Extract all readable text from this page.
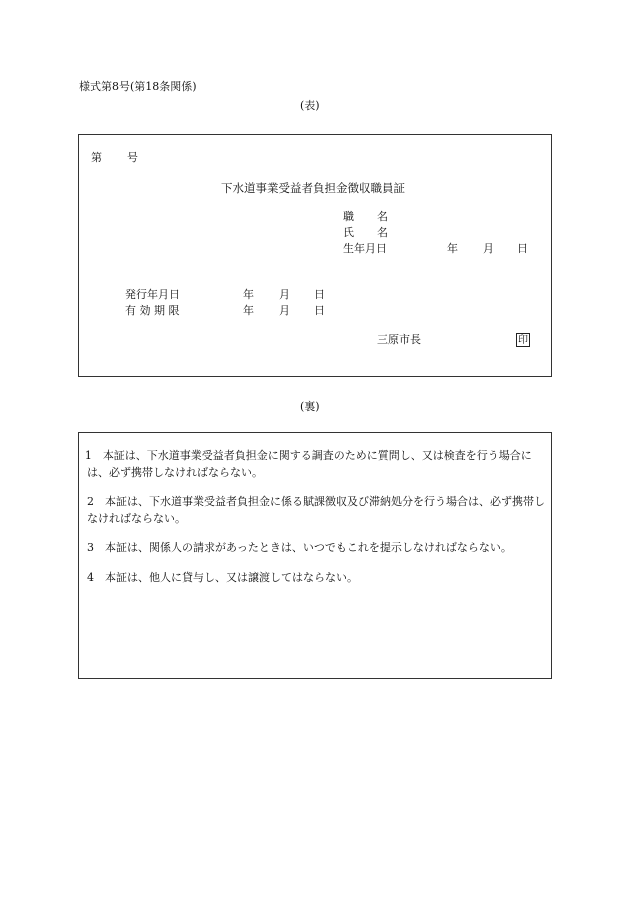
様式第8号(第18条関係)
(表)
第 号
下水道事業受益者負担金徴収職員証
職 名
氏 名
生年月日	年 月 日
発行年月日	年 月 日
有 効 期 限	年 月 日
三原市長	印
(裏)
1　 本証は、下水道事業受益者負担金に関する調査のために質問し、又は検査を行う場合には、必ず携帯しなければならない。
2　 本証は、下水道事業受益者負担金に係る賦課徴収及び滞納処分を行う場合は、必ず携帯しなければならない。
3　 本証は、関係人の請求があったときは、いつでもこれを提示しなければならない。
4　 本証は、他人に貸与し、又は譲渡してはならない。
